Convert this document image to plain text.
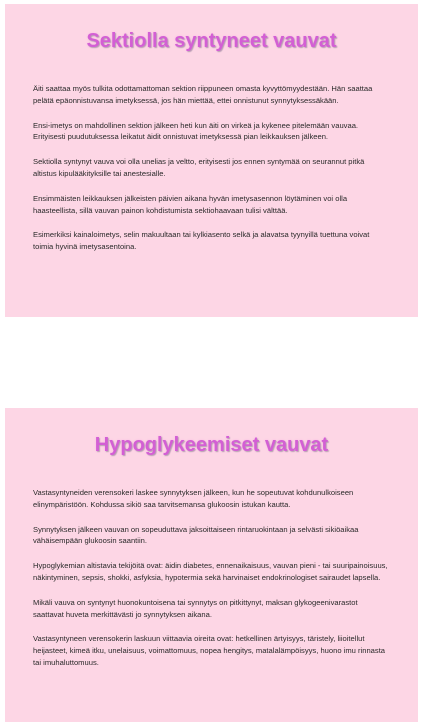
Sektiolla syntyneet vauvat

Äiti saattaa myös tulkita odottamattoman sektion riippuneen omasta kyvyttömyydestään. Hän saattaa pelätä epäonnistuvansa imetyksessä, jos hän miettää, ettei onnistunut synnytyksessäkään.

Ensi-imetys on mahdollinen sektion jälkeen heti kun äiti on virkeä ja kykenee pitelemään vauvaa. Erityisesti puudutuksessa leikatut äidit onnistuvat imetyksessä pian leikkauksen jälkeen.

Sektiolla syntynyt vauva voi olla unelias ja veltto, erityisesti jos ennen syntymää on seurannut pitkä altistus kipulääkityksille tai anestesialle.

Ensimmäisten leikkauksen jälkeisten päivien aikana hyvän imetysasennon löytäminen voi olla haasteellista, sillä vauvan painon kohdistumista sektiohaavaan tulisi välttää.

Esimerkiksi kainaloimetys, selin makuultaan tai kylkiasento selkä ja alavatsa tyynyillä tuettuna voivat toimia hyvinä imetysasentoina.

Hypoglykeemiset vauvat

Vastasyntyneiden verensokeri laskee synnytyksen jälkeen, kun he sopeutuvat kohdunulkoiseen elinympäristöön. Kohdussa sikiö saa tarvitsemansa glukoosin istukan kautta.

Synnytyksen jälkeen vauvan on sopeuduttava jaksoittaiseen rintaruokintaan ja selvästi sikiöaikaa vähäisempään glukoosin saantiin.

Hypoglykemian altistavia tekijöitä ovat: äidin diabetes, ennenaikaisuus, vauvan pieni - tai suuripainoisuus, näkintyminen, sepsis, shokki, asfyksia, hypotermia sekä harvinaiset endokrinologiset sairaudet lapsella.

Mikäli vauva on syntynyt huonokuntoisena tai synnytys on pitkittynyt, maksan glykogeenivarastot saattavat huveta merkittävästi jo synnytyksen aikana.

Vastasyntyneen verensokerin laskuun viittaavia oireita ovat: hetkellinen ärtyisyys, täristely, liioitellut heijasteet, kimeä itku, unelaisuus, voimattomuus, nopea hengitys, matalalämpöisyys, huono imu rinnasta tai imuhaluttomuus.
